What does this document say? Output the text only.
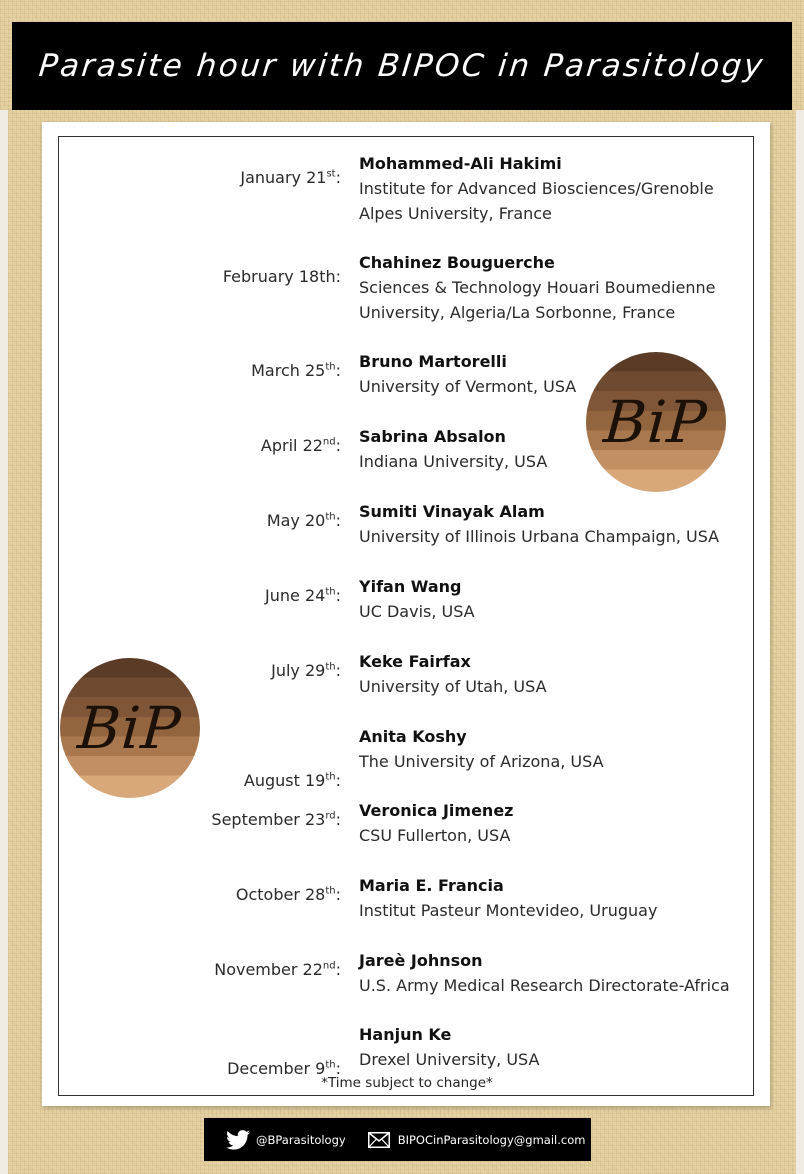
Parasite hour with BIPOC in Parasitology
*Time subject to change*
January 21st:
Mohammed-Ali Hakimi
Institute for Advanced Biosciences/Grenoble
Alpes University, France
February 18th:
Chahinez Bouguerche
Sciences & Technology Houari Boumedienne
University, Algeria/La Sorbonne, France
March 25th: Bruno Martorelli
University of Vermont, USA
April 22nd: Sabrina Absalon
Indiana University, USA
May 20th: Sumiti Vinayak Alam
University of Illinois Urbana Champaign, USA
June 24th: Yifan Wang
UC Davis, USA
July 29th: Keke Fairfax
University of Utah, USA
August 19th:
Anita Koshy
The University of Arizona, USA
September 23rd: Veronica Jimenez
CSU Fullerton, USA
October 28th: Maria E. Francia
Institut Pasteur Montevideo, Uruguay
November 22nd: Jareè Johnson
U.S. Army Medical Research Directorate-Africa
December 9th:
Hanjun Ke
Drexel University, USA
BiP
BiP
@BParasitology	BIPOCinParasitology@gmail.com
